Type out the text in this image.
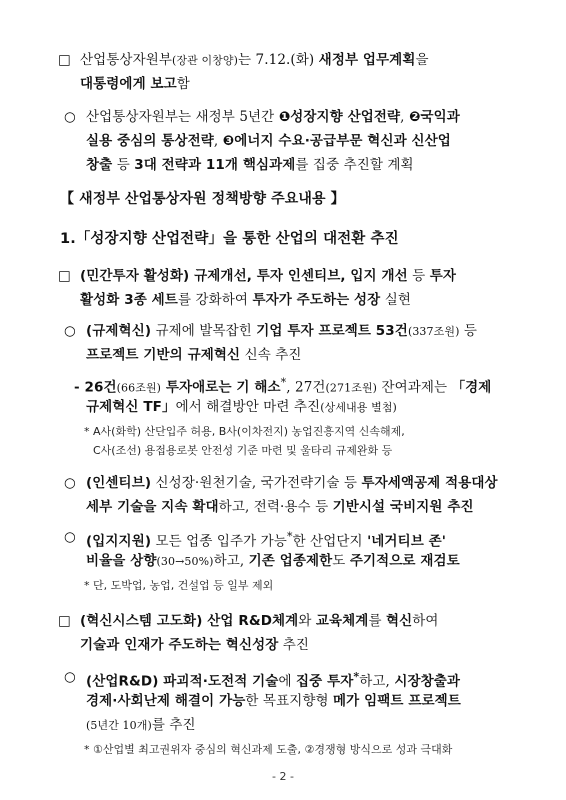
□ 산업통상자원부(장관 이창양)는 7.12.(화) 새정부 업무계획을
대통령에게 보고함
○ 산업통상자원부는 새정부 5년간 ❶성장지향 산업전략, ❷국익과
실용 중심의 통상전략, ❸에너지 수요·공급부문 혁신과 신산업
창출 등 3대 전략과 11개 핵심과제를 집중 추진할 계획
【 새정부 산업통상자원 정책방향 주요내용 】
1.「성장지향 산업전략」을 통한 산업의 대전환 추진
□ (민간투자 활성화) 규제개선, 투자 인센티브, 입지 개선 등 투자
활성화 3종 세트를 강화하여 투자가 주도하는 성장 실현
○ (규제혁신) 규제에 발목잡힌 기업 투자 프로젝트 53건(337조원) 등
프로젝트 기반의 규제혁신 신속 추진
- 26건(66조원) 투자애로는 기 해소*, 27건(271조원) 잔여과제는 「경제
규제혁신 TF」에서 해결방안 마련 추진(상세내용 별첨)
* A사(화학) 산단입주 허용, B사(이차전지) 농업진흥지역 신속해제,
C사(조선) 용접용로봇 안전성 기준 마련 및 울타리 규제완화 등
○ (인센티브) 신성장·원천기술, 국가전략기술 등 투자세액공제 적용대상
세부 기술을 지속 확대하고, 전력·용수 등 기반시설 국비지원 추진
○ (입지지원) 모든 업종 입주가 가능*한 산업단지 '네거티브 존'
비율을 상향(30→50%)하고, 기존 업종제한도 주기적으로 재검토
* 단, 도박업, 농업, 건설업 등 일부 제외
□ (혁신시스템 고도화) 산업 R&D체계와 교육체계를 혁신하여
기술과 인재가 주도하는 혁신성장 추진
○ (산업R&D) 파괴적·도전적 기술에 집중 투자*하고, 시장창출과
경제·사회난제 해결이 가능한 목표지향형 메가 임팩트 프로젝트
(5년간 10개)를 추진
* ①산업별 최고권위자 중심의 혁신과제 도출, ②경쟁형 방식으로 성과 극대화
- 2 -
